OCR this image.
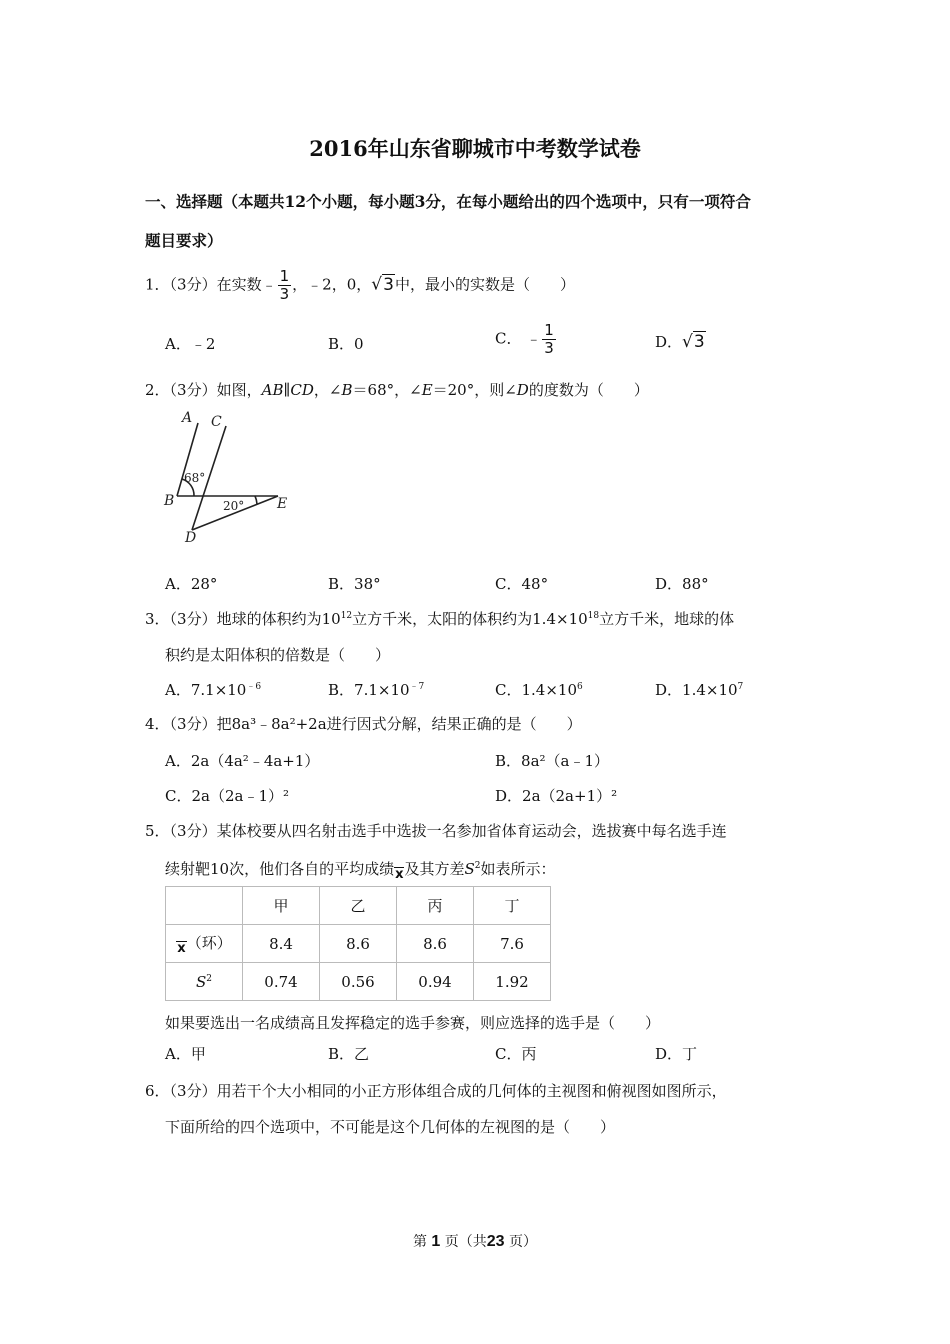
2016年山东省聊城市中考数学试卷
一、选择题（本题共12个小题，每小题3分，在每小题给出的四个选项中，只有一项符合
题目要求）
1．（3分）在实数﹣ $\frac{1}{3}$ ，﹣2，0，√3中，最小的实数是（　　）
A．﹣2	B．0	C． ﹣ $\frac{1}{3}$	D．√3
2．（3分）如图，AB∥CD，∠B＝68°，∠E＝20°，则∠D的度数为（　　）
A C
B	E
D
68°
20°
A．28°	B．38°	C．48°	D．88°
3．（3分）地球的体积约为$10^{12}$立方千米，太阳的体积约为$1.4\times 10^{18}$立方千米，地球的体
积约是太阳体积的倍数是（　　）
A．$7.1\times 10^{﹣6}$	B．$7.1\times 10^{﹣7}$	C．$1.4\times 10^6$	D．$1.4\times 10^7$
4．（3分）把8a³﹣8a²+2a进行因式分解，结果正确的是（　　）
A．2a（4a²﹣4a+1）	B．8a²（a﹣1）
C．2a（2a﹣1）²	D．2a（2a+1）²
5．（3分）某体校要从四名射击选手中选拔一名参加省体育运动会，选拔赛中每名选手连
续射靶10次，他们各自的平均成绩x及其方差$S^2$如表所示：
	甲	乙	丙	丁
x（环）	8.4	8.6	8.6	7.6
$S^2$	0.74	0.56	0.94	1.92
如果要选出一名成绩高且发挥稳定的选手参赛，则应选择的选手是（　　）
A．甲	B．乙	C．丙	D．丁
6．（3分）用若干个大小相同的小正方形体组合成的几何体的主视图和俯视图如图所示，
下面所给的四个选项中，不可能是这个几何体的左视图的是（　　）
第 1 页（共23 页）
